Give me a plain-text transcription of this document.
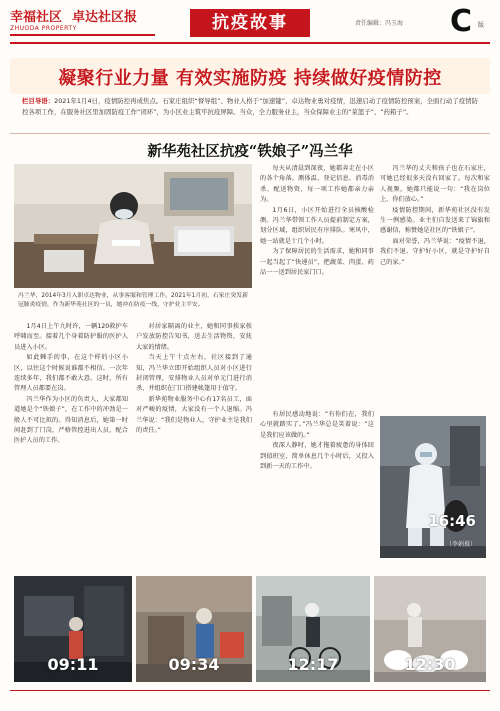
幸福社区 卓达社区报
ZHUODA PROPERTY	抗疫故事	责任编辑：冯玉海 C 版
凝聚行业力量 有效实施防疫 持续做好疫情防控
栏目导语：2021年1月4日，疫情防控再成焦点。石家庄组织“督导组”、物业人格于“加速键”，卓达物业勇对疫情，迅速启动了疫情防控预案，全面行动了疫情防控各项工作，在服务社区里加固防疫工作“闭环”，为小区业主筑牢抗疫屏障。当众，全力服务业主，当众保障业主的“菜篮子”、“药箱子”。
新华苑社区抗疫“铁娘子”冯兰华
冯兰华，2014年3月入职卓达物业，从事客服和管理工作。2021年1月初，石家庄突发新冠肺炎疫情，作为新华苑社区的一员，她冲在防疫一线，守护业主平安。

1月4日上午九时许，一辆120救护车呼啸而至。接着几个身着防护服的医护人员进入小区。

如此棘手的事，在这个样的小区小区，以往这个时候说谁都不相信。一次年连续多年，我们都不敢大意。这时，所有管理人员都要在岗。

冯兰华作为小区的负责人，大家都知道她是个“铁娘子”，在工作中的冲劲是一般人不可比拟的。得知消息后，她第一时间赶到了门岗，严格管控进出人员，配合医护人员的工作。

对居家隔离的业主，她和同事挨家挨户发放防控告知书，送去生活物资，安抚大家的情绪。

当天上午十点左右，社区接到了通知，冯兰华立即开始组织人员对小区进行封闭管理，安排物业人员对单元门进行消杀，并组织在门口搭建帐篷用于值守。

新华苑物业服务中心有17名员工，面对严峻的疫情，大家没有一个人退缩。冯兰华说：“我们是物业人，守护业主是我们的责任。”

每天从清晨到深夜，她都奔走在小区的各个角落。测体温、登记信息、消毒消杀、配送物资，每一项工作她都亲力亲为。

1月6日，小区开始进行全员核酸检测。冯兰华带领工作人员提前制定方案，划分区域，组织居民有序排队。寒风中，她一站就是十几个小时。

为了保障居民的生活需求，她和同事一起当起了“快递员”，把蔬菜、肉蛋、药品一一送到居民家门口。

有居民感动地说：“有你们在，我们心里就踏实了。”冯兰华总是笑着说：“这是我们应该做的。”

夜深人静时，她才拖着疲惫的身体回到值班室，简单休息几个小时后，又投入到新一天的工作中。

冯兰华的丈夫和孩子也在石家庄，可她已经很多天没有回家了。每次和家人视频，她都只能说一句：“我在岗位上，你们放心。”

疫情防控期间，新华苑社区没有发生一例感染。业主们自发送来了锦旗和感谢信，称赞她是社区的“铁娘子”。

面对荣誉，冯兰华说：“疫情不退，我们不退。守护好小区，就是守护好自己的家。”

16:46
（李娟摄）
09:11	09:34	12:17	12:30
